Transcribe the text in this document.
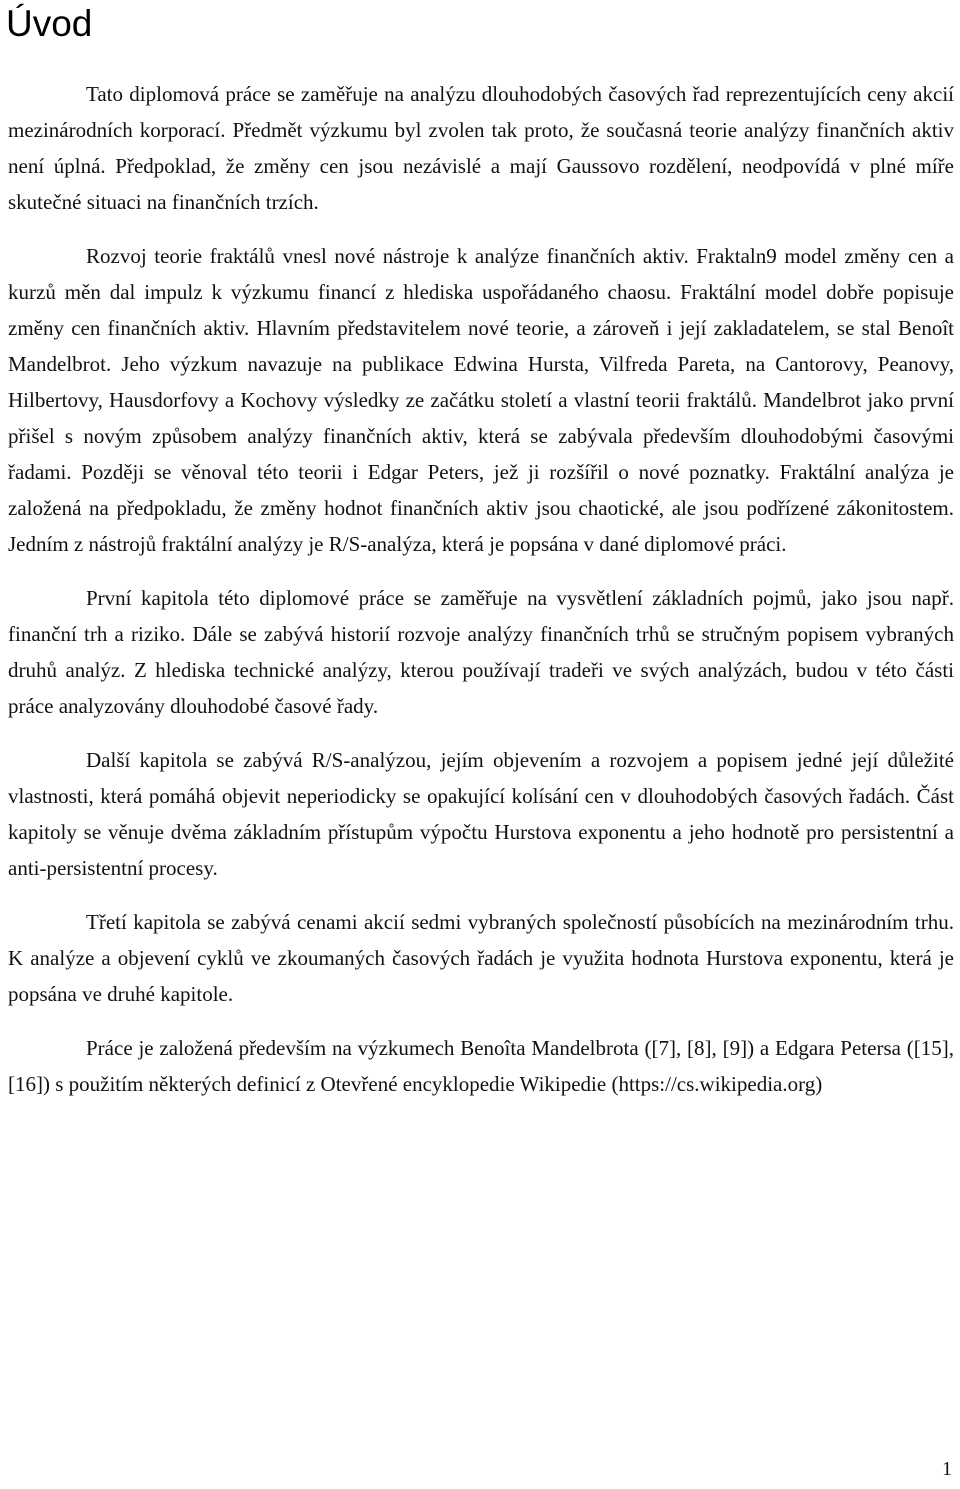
Úvod

Tato diplomová práce se zaměřuje na analýzu dlouhodobých časových řad reprezentujících ceny akcií mezinárodních korporací. Předmět výzkumu byl zvolen tak proto, že současná teorie analýzy finančních aktiv není úplná. Předpoklad, že změny cen jsou nezávislé a mají Gaussovo rozdělení, neodpovídá v plné míře skutečné situaci na finančních trzích.

Rozvoj teorie fraktálů vnesl nové nástroje k analýze finančních aktiv. Fraktaln9 model změny cen a kurzů měn dal impulz k výzkumu financí z hlediska uspořádaného chaosu. Fraktální model dobře popisuje změny cen finančních aktiv. Hlavním představitelem nové teorie, a zároveň i její zakladatelem, se stal Benoît Mandelbrot. Jeho výzkum navazuje na publikace Edwina Hursta, Vilfreda Pareta, na Cantorovy, Peanovy, Hilbertovy, Hausdorfovy a Kochovy výsledky ze začátku století a vlastní teorii fraktálů. Mandelbrot jako první přišel s novým způsobem analýzy finančních aktiv, která se zabývala především dlouhodobými časovými řadami. Později se věnoval této teorii i Edgar Peters, jež ji rozšířil o nové poznatky. Fraktální analýza je založená na předpokladu, že změny hodnot finančních aktiv jsou chaotické, ale jsou podřízené zákonitostem. Jedním z nástrojů fraktální analýzy je R/S-analýza, která je popsána v dané diplomové práci.

První kapitola této diplomové práce se zaměřuje na vysvětlení základních pojmů, jako jsou např. finanční trh a riziko. Dále se zabývá historií rozvoje analýzy finančních trhů se stručným popisem vybraných druhů analýz. Z hlediska technické analýzy, kterou používají tradeři ve svých analýzách, budou v této části práce analyzovány dlouhodobé časové řady.

Další kapitola se zabývá R/S-analýzou, jejím objevením a rozvojem a popisem jedné její důležité vlastnosti, která pomáhá objevit neperiodicky se opakující kolísání cen v dlouhodobých časových řadách. Část kapitoly se věnuje dvěma základním přístupům výpočtu Hurstova exponentu a jeho hodnotě pro persistentní a anti-persistentní procesy.

Třetí kapitola se zabývá cenami akcií sedmi vybraných společností působících na mezinárodním trhu. K analýze a objevení cyklů ve zkoumaných časových řadách je využita hodnota Hurstova exponentu, která je popsána ve druhé kapitole.

Práce je založená především na výzkumech Benoîta Mandelbrota ([7], [8], [9]) a Edgara Petersa ([15], [16]) s použitím některých definicí z Otevřené encyklopedie Wikipedie (https://cs.wikipedia.org)

1
